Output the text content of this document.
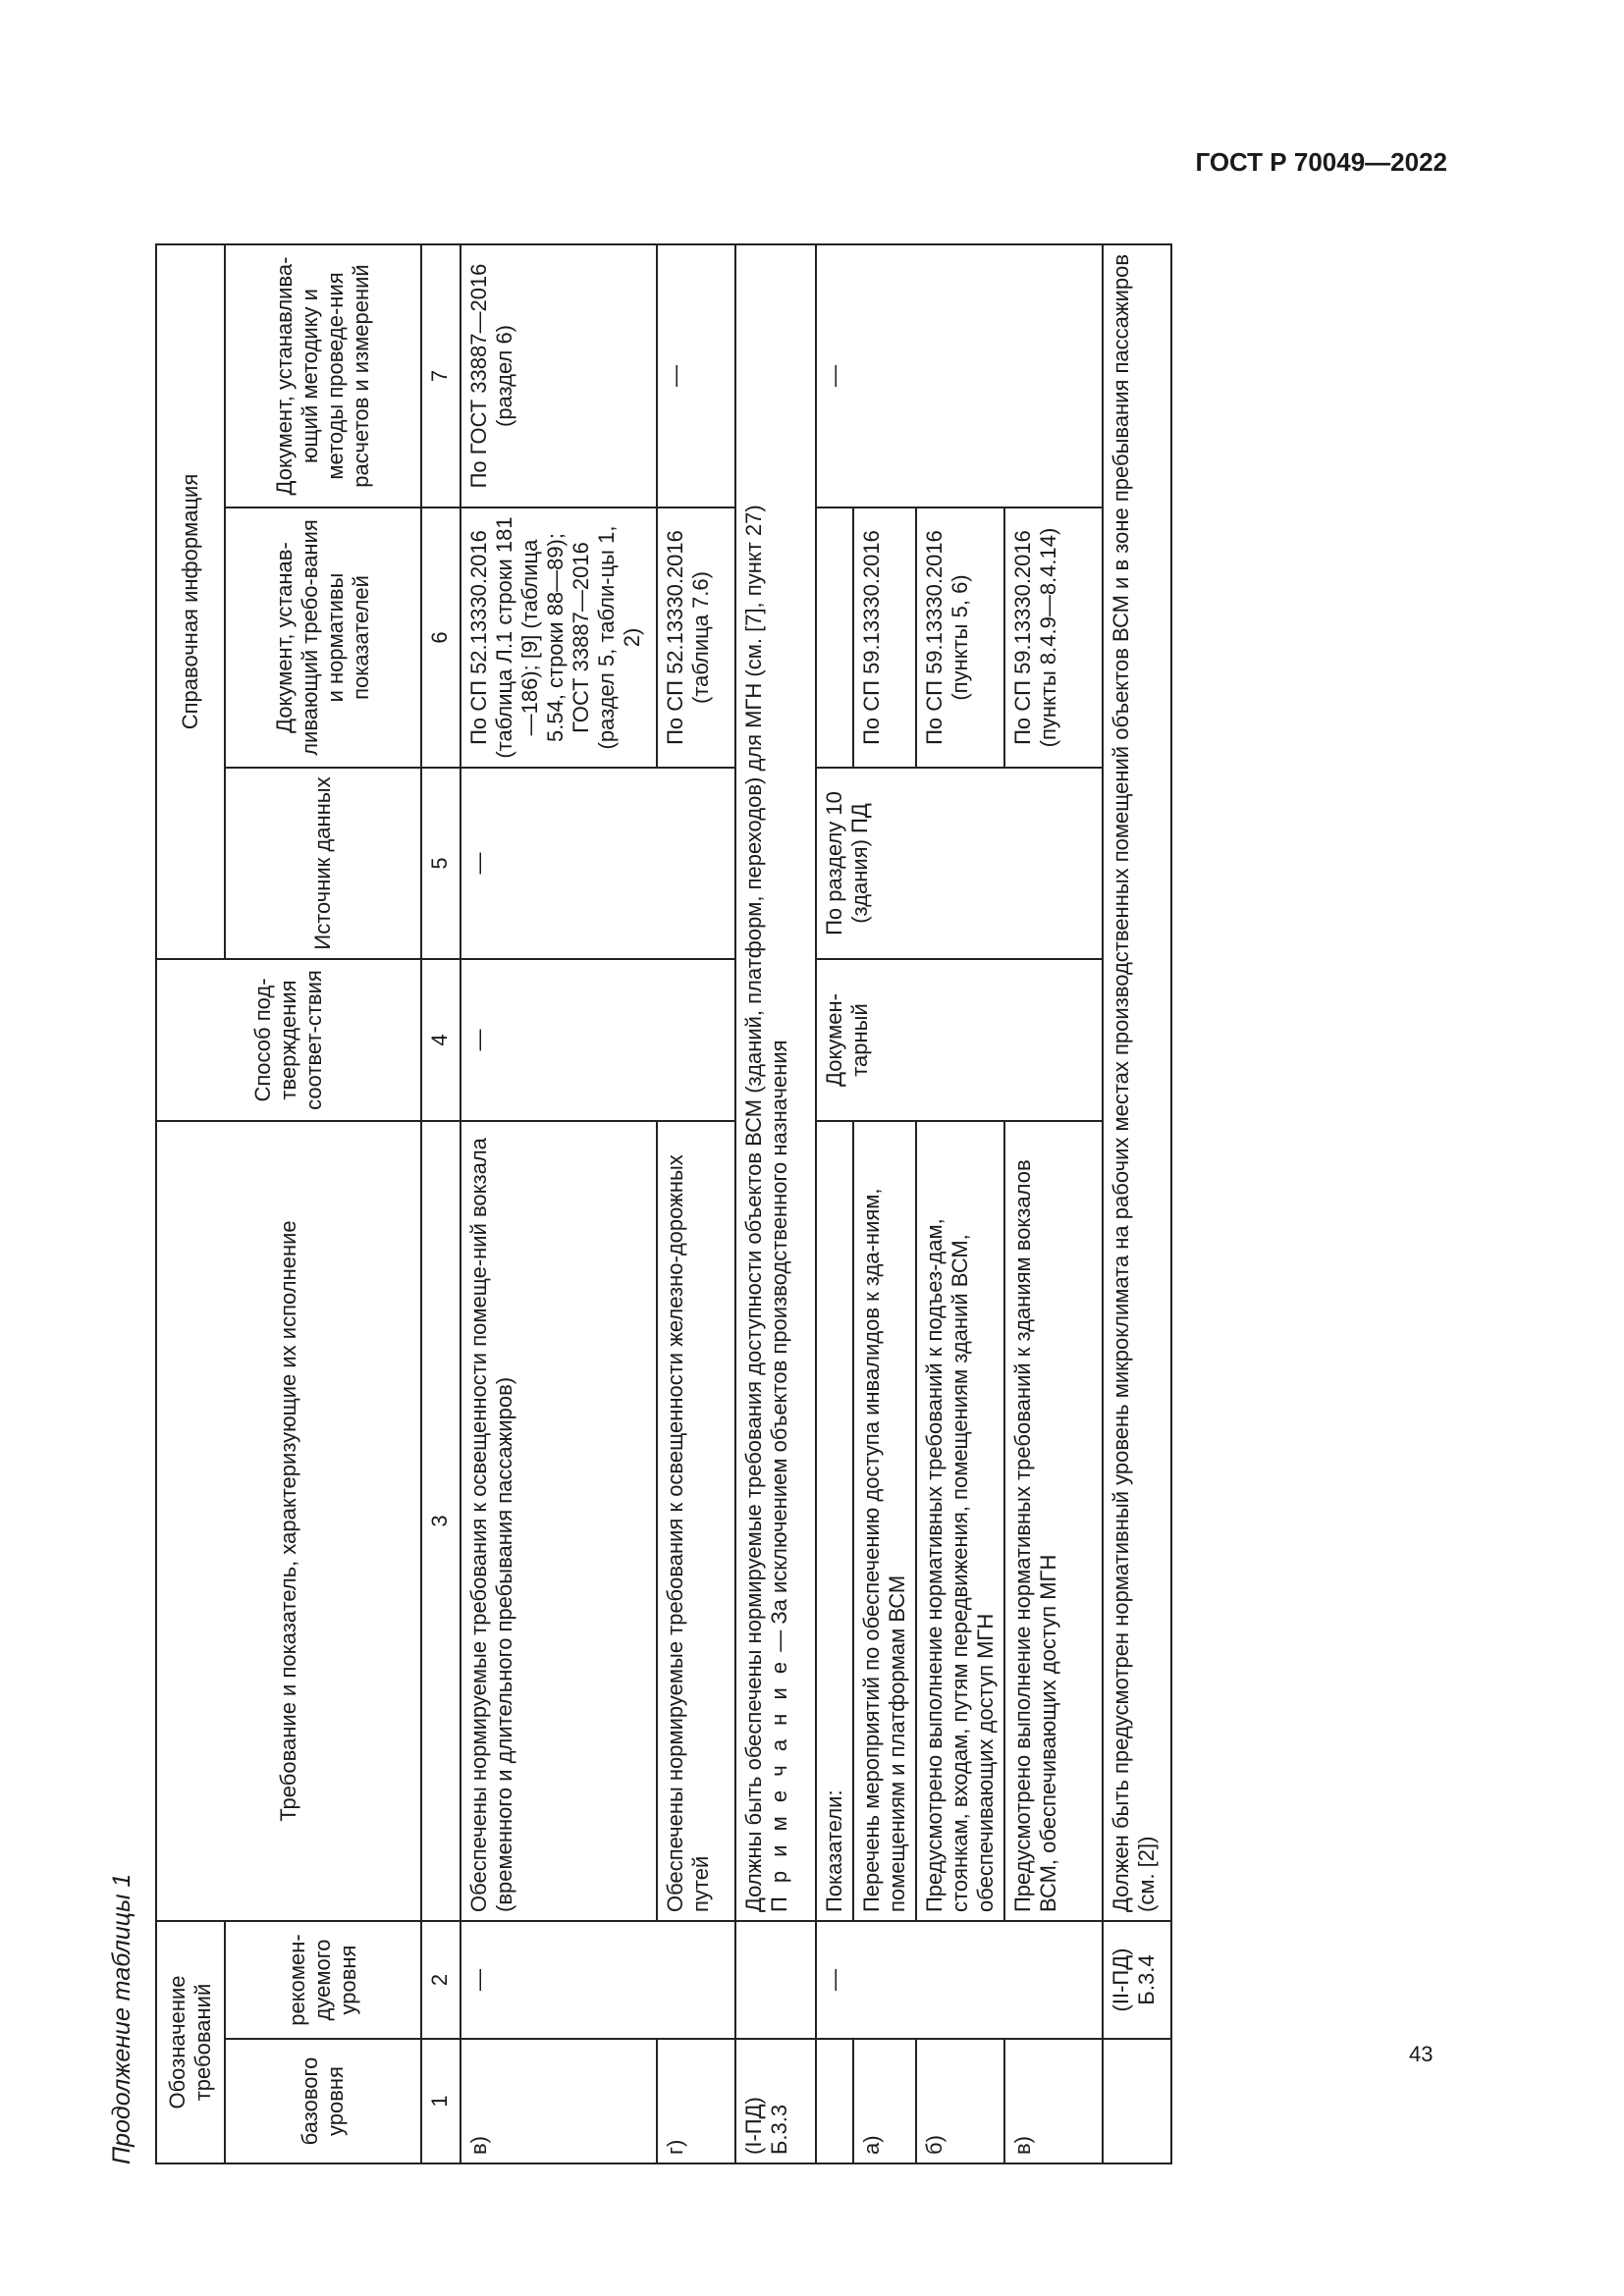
ГОСТ Р 70049—2022
43
Продолжение таблицы 1 Обозначение требований		Требование и показатель, характеризующие их исполнение	Способ под-тверждения соответ-ствия	Справочная информация		
базового уровня	рекомен-дуемого уровня			Источник данных	Документ, устанав-ливающий требо-вания и нормативы показателей	Документ, устанавлива-ющий методику и методы проведе-ния расчетов и измерений
1	2	3	4	5	6	7
в)	—	Обеспечены нормируемые требования к освещенности помеще-ний вокзала (временного и длительного пребывания пассажиров)	—	—	По СП 52.13330.2016 (таблица Л.1 строки 181—186); [9] (таблица 5.54, строки 88—89); ГОСТ 33887—2016 (раздел 5, табли-цы 1, 2)	По ГОСТ 33887—2016 (раздел 6)
г)		Обеспечены нормируемые требования к освещенности железно-дорожных путей			По СП 52.13330.2016 (таблица 7.6)	—
(I-ПД) Б.3.3		Должны быть обеспечены нормируемые требования доступности объектов ВСМ (зданий, платформ, переходов) для МГН (см. [7], пункт 27) П р и м е ч а н и е — За исключением объектов производственного назначения				

	—	Показатели:	Докумен-тарный	По разделу 10 (здания) ПД		—
а)		Перечень мероприятий по обеспечению доступа инвалидов к зда-ниям, помещениям и платформам ВСМ			По СП 59.13330.2016	
б)		Предусмотрено выполнение нормативных требований к подъез-дам, стоянкам, входам, путям передвижения, помещениям зданий ВСМ, обеспечивающих доступ МГН			По СП 59.13330.2016 (пункты 5, 6)	
в)		Предусмотрено выполнение нормативных требований к зданиям вокзалов ВСМ, обеспечивающих доступ МГН			По СП 59.13330.2016 (пункты 8.4.9—8.4.14)	
	(II-ПД) Б.3.4	Должен быть предусмотрен нормативный уровень микроклимата на рабочих местах производственных помещений объектов ВСМ и в зоне пребывания пассажиров (см. [2])				
